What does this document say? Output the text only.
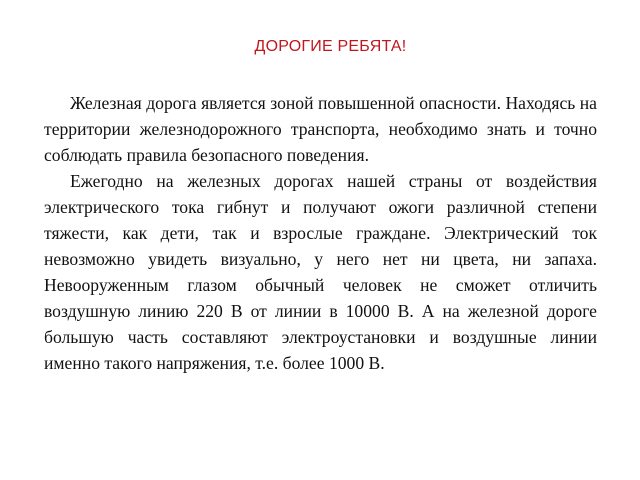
ДОРОГИЕ РЕБЯТА!

Железная дорога является зоной повышенной опасности. Находясь на территории железнодорожного транспорта, необходимо знать и точно соблюдать правила безопасного поведения.

Ежегодно на железных дорогах нашей страны от воздействия электрического тока гибнут и получают ожоги различной степени тяжести, как дети, так и взрослые граждане. Электрический ток невозможно увидеть визуально, у него нет ни цвета, ни запаха. Невооруженным глазом обычный человек не сможет отличить воздушную линию 220 В от линии в 10000 В. А на железной дороге большую часть составляют электроустановки и воздушные линии именно такого напряжения, т.е. более 1000 В.
